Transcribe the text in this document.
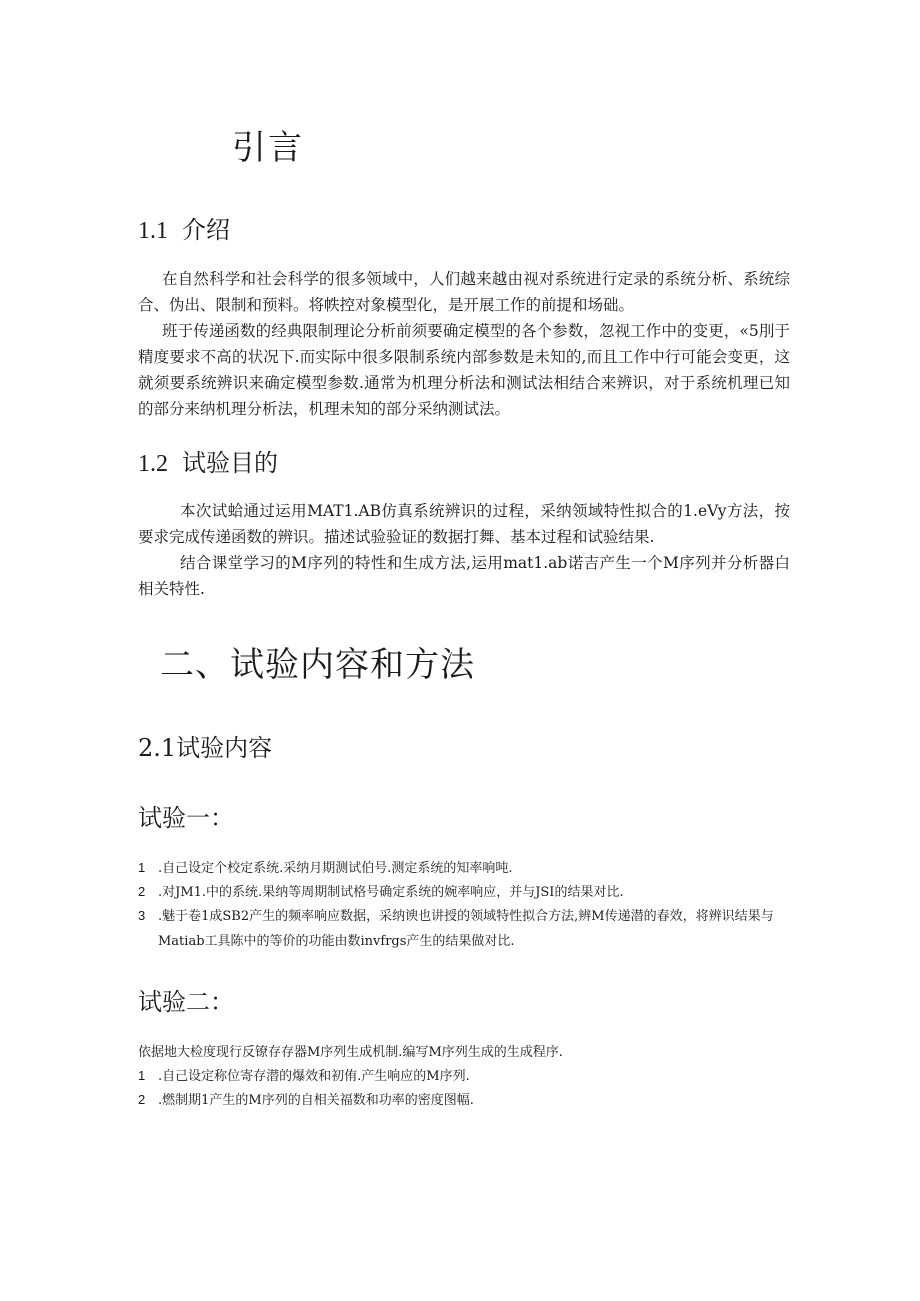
引言
1.1 介绍

在自然科学和社会科学的很多领域中，人们越来越由视对系统进行定录的系统分析、系统综合、伪出、限制和预料。将帙控对象模型化，是开展工作的前提和场础。

班于传递函数的经典限制理论分析前须要确定模型的各个参数，忽视工作中的变更，«5刖于精度要求不高的状况下.而实际中很多限制系统内部参数是未知的,而且工作中行可能会变更，这就须要系统辨识来确定模型参数.通常为机理分析法和测试法相结合来辨识，对于系统机理已知的部分来纳机理分析法，机理未知的部分采纳测试法。

1.2 试验目的

本次试蛤通过运用MAT1.AB仿真系统辨识的过程，采纳领域特性拟合的1.eVy方法，按要求完成传递函数的辨识。描述试验验证的数据打舞、基本过程和试验结果.

结合课堂学习的M序列的特性和生成方法,运用mat1.ab诺吉产生一个M序列并分析器白相关特性.

二、试验内容和方法
2.1试验内容
试验一：
1 .自己设定个校定系统.采纳月期测试伯号.测定系统的知率响吨.
2 .对JM1.中的系统.果纳等周期制试格号确定系统的婉率响应，并与JSI的结果对比.
3 .魅于卷1成SB2产生的频率响应数据，采纳谀也讲授的领域特性拟合方法,辨M传递潜的春效，将辨识结果与
Matiab工具陈中的等价的功能由数invfrgs产生的结果做对比.
试验二：
依据地大检度现行反镣存存器M序列生成机制.编写M序列生成的生成程序.
1 .自己设定称位寄存潜的爆效和初侑.产生响应的M序列.
2 .燃制期1产生的M序列的自相关福数和功率的密度图幅.
